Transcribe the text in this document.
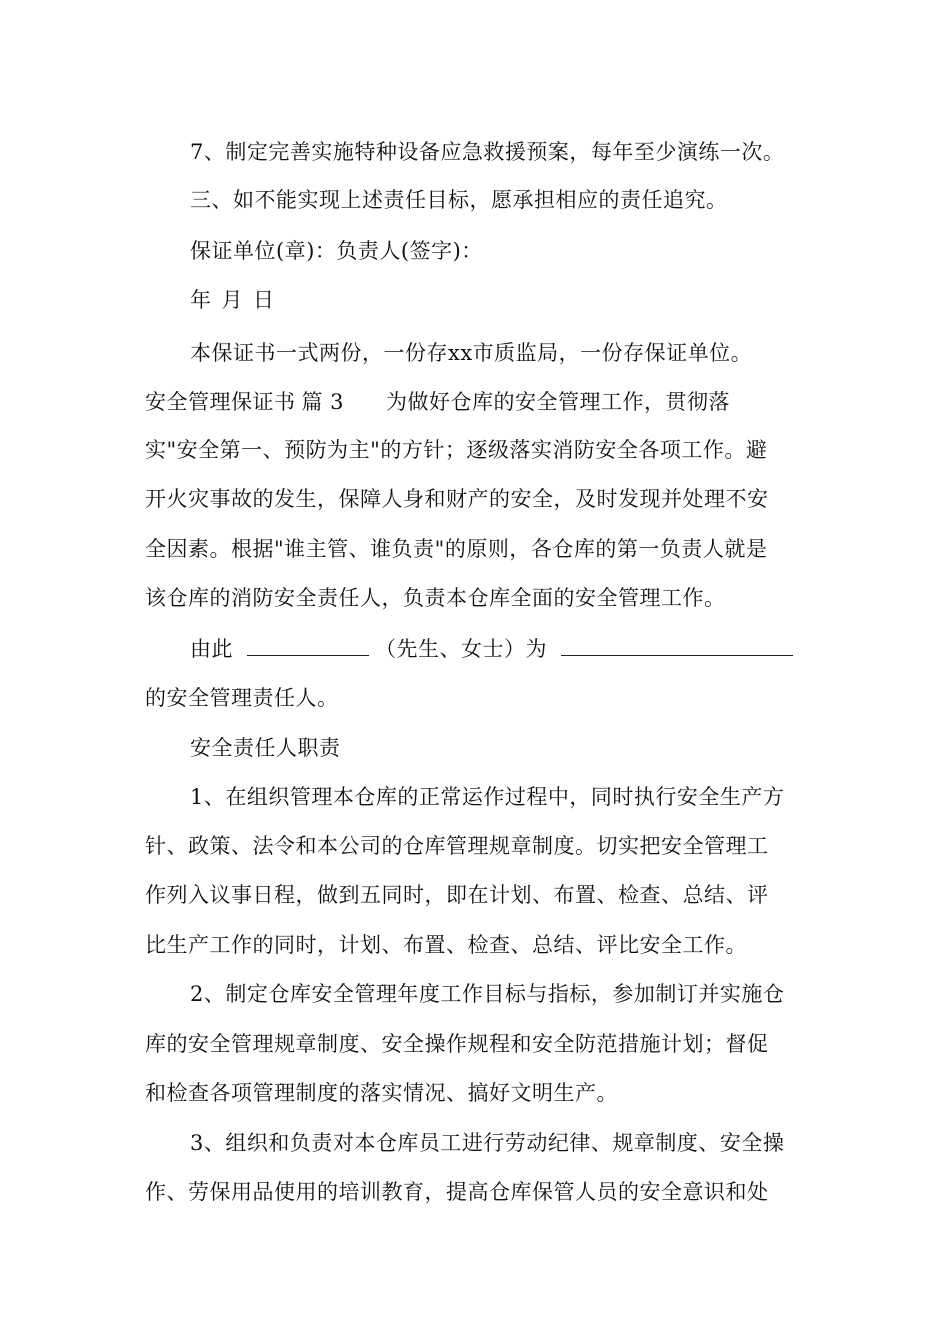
7、制定完善实施特种设备应急救援预案，每年至少演练一次。
三、如不能实现上述责任目标，愿承担相应的责任追究。
保证单位(章)：负责人(签字)：
年 月 日
本保证书一式两份，一份存xx市质监局，一份存保证单位。
安全管理保证书 篇 3 为做好仓库的安全管理工作，贯彻落
实"安全第一、预防为主"的方针；逐级落实消防安全各项工作。避
开火灾事故的发生，保障人身和财产的安全，及时发现并处理不安
全因素。根据"谁主管、谁负责"的原则，各仓库的第一负责人就是
该仓库的消防安全责任人，负责本仓库全面的安全管理工作。
由此	（先生、女士）为
的安全管理责任人。
安全责任人职责
1、在组织管理本仓库的正常运作过程中，同时执行安全生产方
针、政策、法令和本公司的仓库管理规章制度。切实把安全管理工
作列入议事日程，做到五同时，即在计划、布置、检查、总结、评
比生产工作的同时，计划、布置、检查、总结、评比安全工作。
2、制定仓库安全管理年度工作目标与指标，参加制订并实施仓
库的安全管理规章制度、安全操作规程和安全防范措施计划；督促
和检查各项管理制度的落实情况、搞好文明生产。
3、组织和负责对本仓库员工进行劳动纪律、规章制度、安全操
作、劳保用品使用的培训教育，提高仓库保管人员的安全意识和处
